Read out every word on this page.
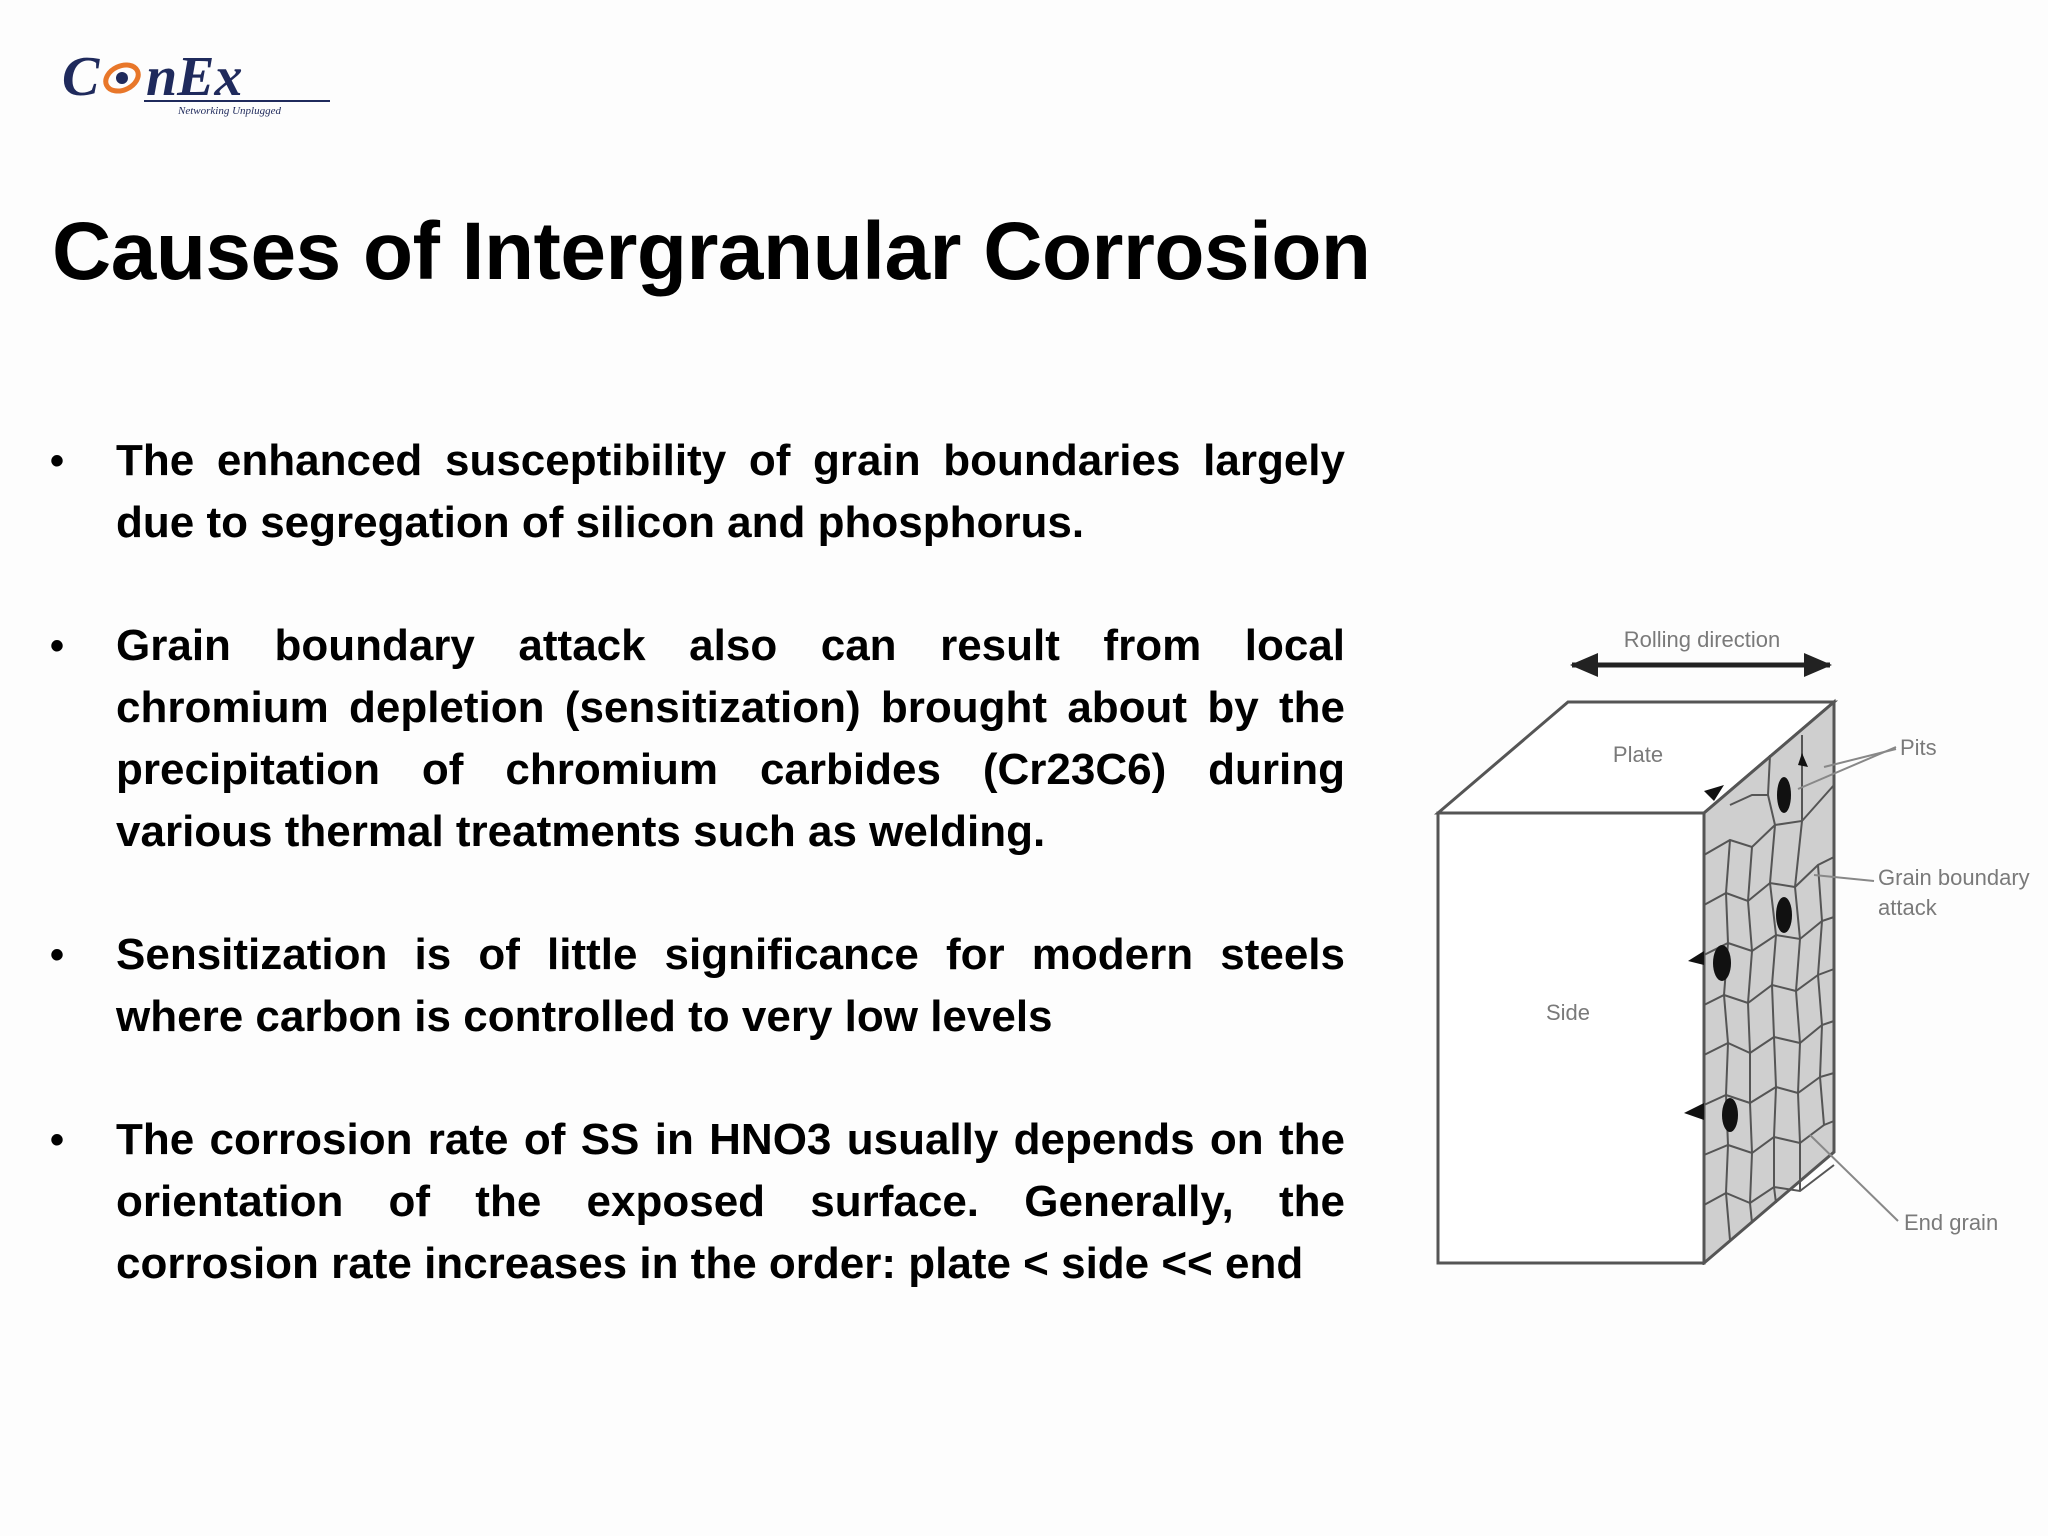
C nEx
Networking Unplugged
Causes of Intergranular Corrosion
• The enhanced susceptibility of grain boundaries largely due to segregation of silicon and phosphorus.
• Grain boundary attack also can result from local chromium depletion (sensitization) brought about by the precipitation of chromium carbides (Cr23C6) during various thermal treatments such as welding.
• Sensitization is of little significance for modern steels where carbon is controlled to very low levels
• The corrosion rate of SS in HNO3 usually depends on the orientation of the exposed surface. Generally, the corrosion rate increases in the order: plate < side << end
Rolling direction
Plate
Side
Pits
Grain boundary
attack
End grain
